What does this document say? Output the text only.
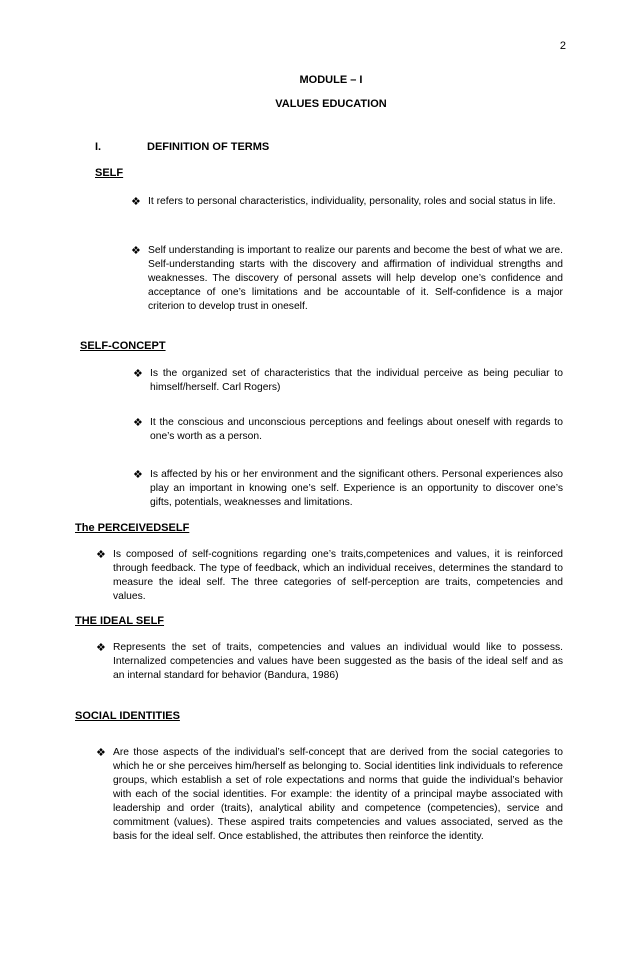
2
MODULE – I
VALUES EDUCATION
I.	DEFINITION OF TERMS
SELF
❖ It refers to personal characteristics, individuality, personality, roles and social status in life.
❖ Self understanding is important to realize our parents and become the best of what we are. Self-understanding starts with the discovery and affirmation of individual strengths and weaknesses. The discovery of personal assets will help develop one’s confidence and acceptance of one’s limitations and be accountable of it. Self-confidence is a major criterion to develop trust in oneself.
SELF-CONCEPT
❖ Is the organized set of characteristics that the individual perceive as being peculiar to himself/herself. Carl Rogers)
❖ It the conscious and unconscious perceptions and feelings about oneself with regards to one’s worth as a person.
❖ Is affected by his or her environment and the significant others. Personal experiences also play an important in knowing one’s self. Experience is an opportunity to discover one’s gifts, potentials, weaknesses and limitations.
The PERCEIVEDSELF
❖ Is composed of self-cognitions regarding one’s traits,competenices and values, it is reinforced through feedback. The type of feedback, which an individual receives, determines the standard to measure the ideal self. The three categories of self-perception are traits, competencies and values.
THE IDEAL SELF
❖ Represents the set of traits, competencies and values an individual would like to possess. Internalized competencies and values have been suggested as the basis of the ideal self and as an internal standard for behavior (Bandura, 1986)
SOCIAL IDENTITIES
❖ Are those aspects of the individual’s self-concept that are derived from the social categories to which he or she perceives him/herself as belonging to. Social identities link individuals to reference groups, which establish a set of role expectations and norms that guide the individual’s behavior with each of the social identities. For example: the identity of a principal maybe associated with leadership and order (traits), analytical ability and competence (competencies), service and commitment (values). These aspired traits competencies and values associated, served as the basis for the ideal self. Once established, the attributes then reinforce the identity.
